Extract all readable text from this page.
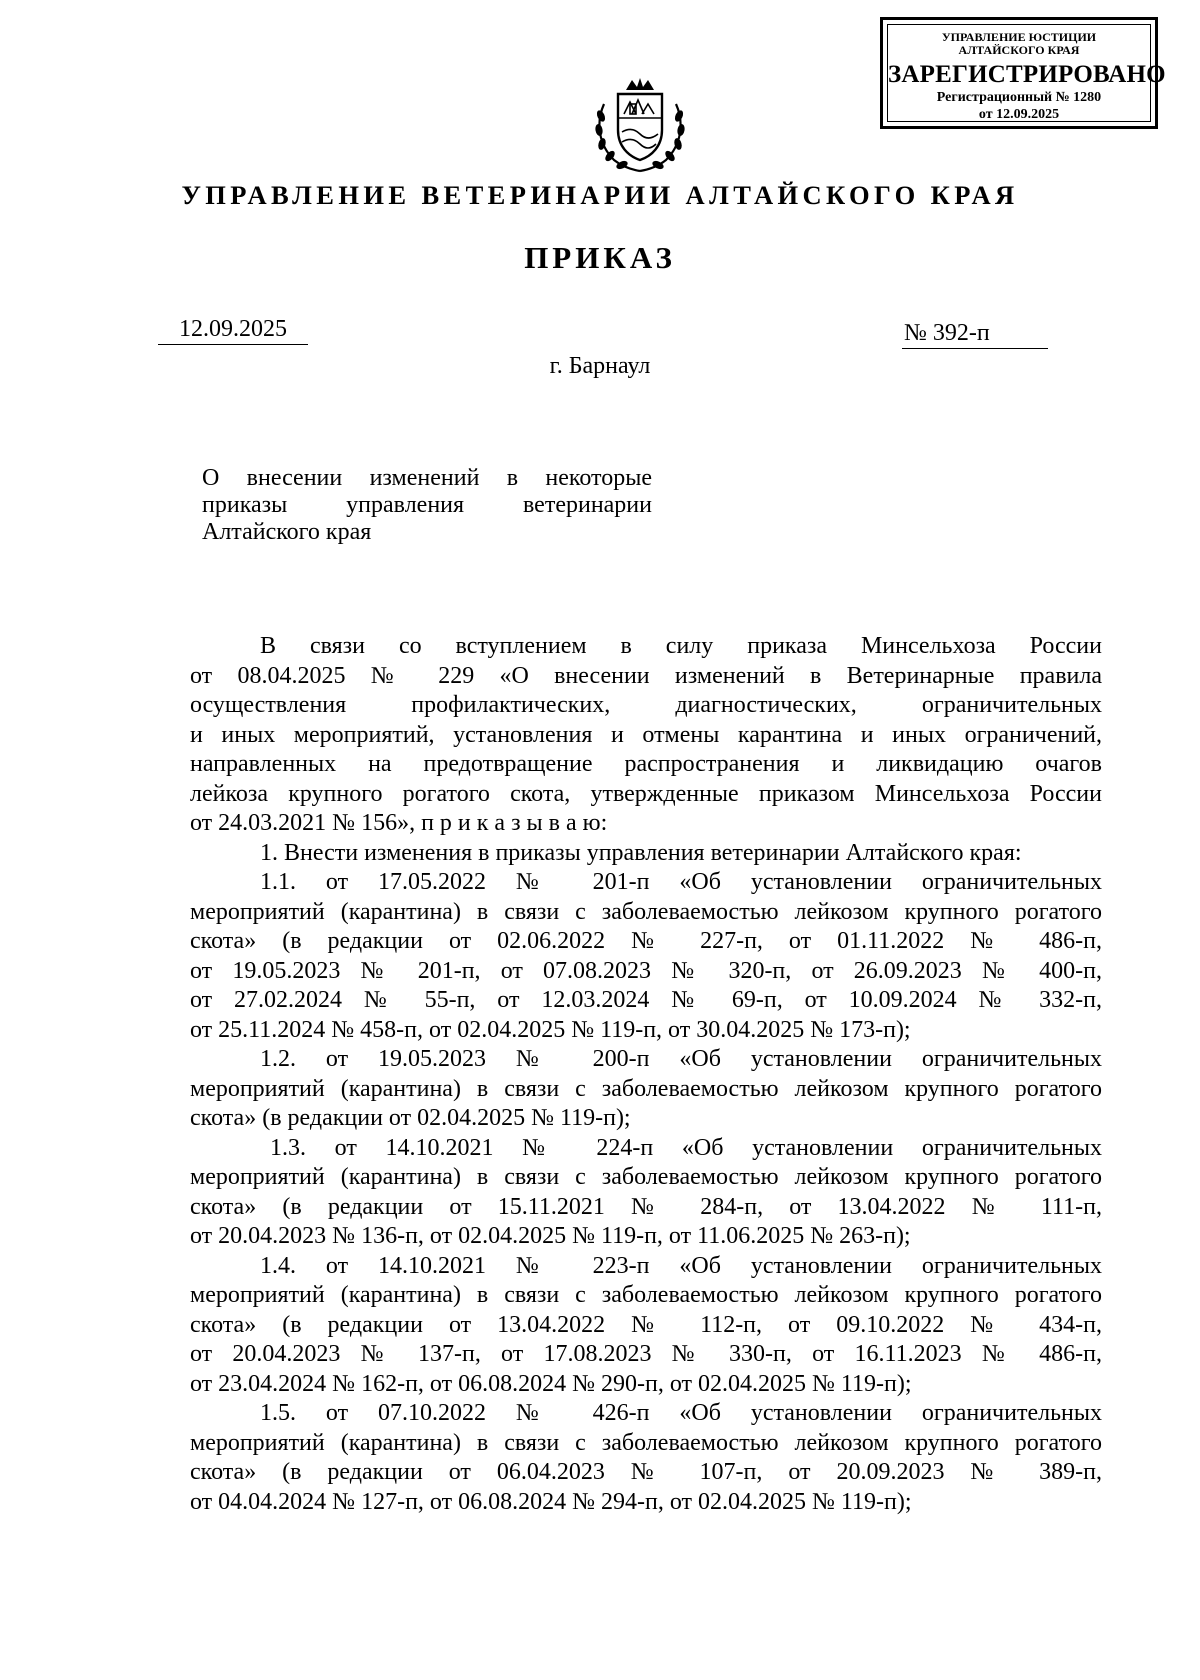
УПРАВЛЕНИЕ ЮСТИЦИИ
АЛТАЙСКОГО КРАЯ
ЗАРЕГИСТРИРОВАНО
Регистрационный № 1280
от 12.09.2025
УПРАВЛЕНИЕ ВЕТЕРИНАРИИ АЛТАЙСКОГО КРАЯ
ПРИКАЗ
12.09.2025	№ 392-п
г. Барнаул
О внесении изменений в некоторые
приказы управления ветеринарии
Алтайского края
В связи со вступлением в силу приказа Минсельхоза России
от 08.04.2025 № 229 «О внесении изменений в Ветеринарные правила
осуществления профилактических, диагностических, ограничительных
и иных мероприятий, установления и отмены карантина и иных ограничений,
направленных на предотвращение распространения и ликвидацию очагов
лейкоза крупного рогатого скота, утвержденные приказом Минсельхоза России
от 24.03.2021 № 156», п р и к а з ы в а ю:
1. Внести изменения в приказы управления ветеринарии Алтайского края:
1.1. от 17.05.2022 № 201-п «Об установлении ограничительных
мероприятий (карантина) в связи с заболеваемостью лейкозом крупного рогатого
скота» (в редакции от 02.06.2022 № 227-п, от 01.11.2022 № 486-п,
от 19.05.2023 № 201-п, от 07.08.2023 № 320-п, от 26.09.2023 № 400-п,
от 27.02.2024 № 55-п, от 12.03.2024 № 69-п, от 10.09.2024 № 332-п,
от 25.11.2024 № 458-п, от 02.04.2025 № 119-п, от 30.04.2025 № 173-п);
1.2. от 19.05.2023 № 200-п «Об установлении ограничительных
мероприятий (карантина) в связи с заболеваемостью лейкозом крупного рогатого
скота» (в редакции от 02.04.2025 № 119-п);
1.3. от 14.10.2021 № 224-п «Об установлении ограничительных
мероприятий (карантина) в связи с заболеваемостью лейкозом крупного рогатого
скота» (в редакции от 15.11.2021 № 284-п, от 13.04.2022 № 111-п,
от 20.04.2023 № 136-п, от 02.04.2025 № 119-п, от 11.06.2025 № 263-п);
1.4. от 14.10.2021 № 223-п «Об установлении ограничительных
мероприятий (карантина) в связи с заболеваемостью лейкозом крупного рогатого
скота» (в редакции от 13.04.2022 № 112-п, от 09.10.2022 № 434-п,
от 20.04.2023 № 137-п, от 17.08.2023 № 330-п, от 16.11.2023 № 486-п,
от 23.04.2024 № 162-п, от 06.08.2024 № 290-п, от 02.04.2025 № 119-п);
1.5. от 07.10.2022 № 426-п «Об установлении ограничительных
мероприятий (карантина) в связи с заболеваемостью лейкозом крупного рогатого
скота» (в редакции от 06.04.2023 № 107-п, от 20.09.2023 № 389-п,
от 04.04.2024 № 127-п, от 06.08.2024 № 294-п, от 02.04.2025 № 119-п);
